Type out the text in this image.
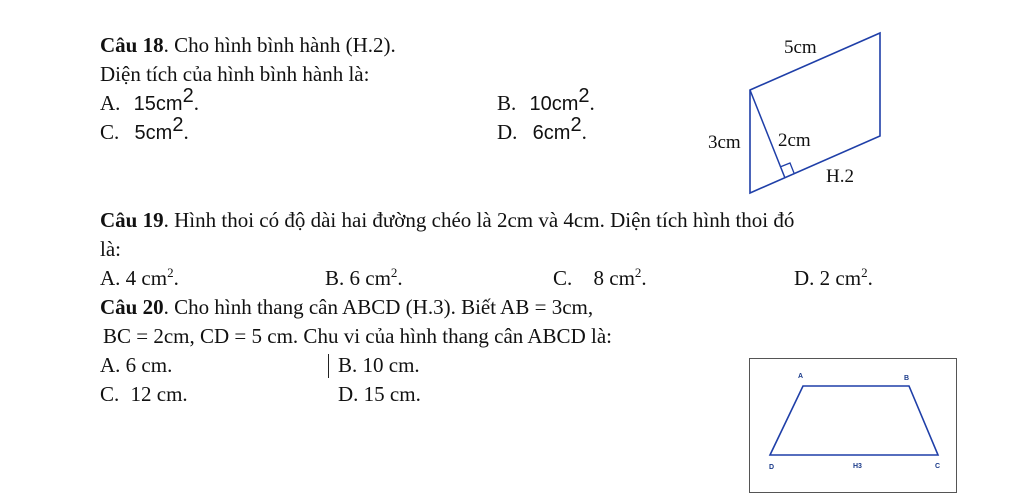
Câu 18. Cho hình bình hành (H.2).
Diện tích của hình bình hành là:
A. $15cm^2$.	B. $10cm^2$.
C. $5cm^2$.	D. $6cm^2$.
5cm
3cm 2cm
H.2
Câu 19. Hình thoi có độ dài hai đường chéo là 2cm và 4cm. Diện tích hình thoi đó
là:
A. 4 $cm^2$.	B. 6 $cm^2$.	C. 8 $cm^2$.	D. 2 $cm^2$.
Câu 20. Cho hình thang cân ABCD (H.3). Biết AB = 3cm,
BC = 2cm, CD = 5 cm. Chu vi của hình thang cân ABCD là:
A. 6 cm.	B. 10 cm.
C. 12 cm.	D. 15 cm.
A	B
C
D	H3
